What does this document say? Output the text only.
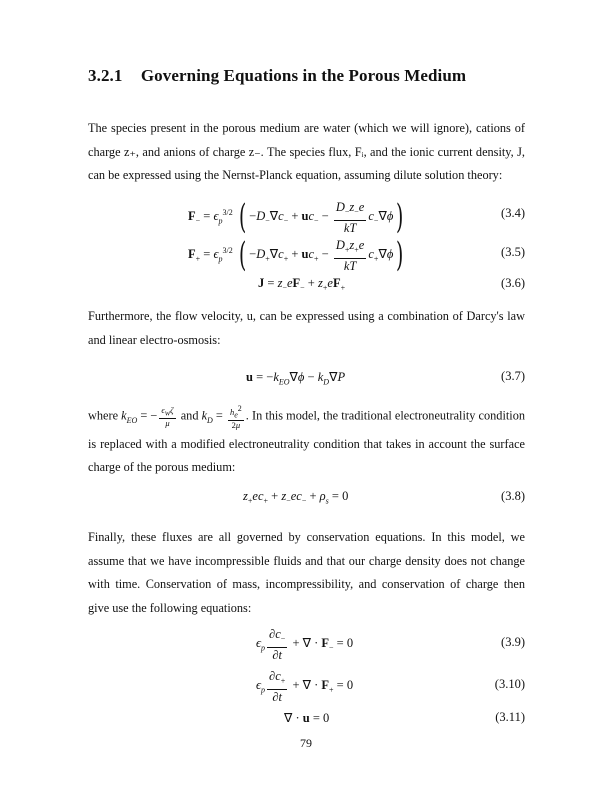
3.2.1 Governing Equations in the Porous Medium
The species present in the porous medium are water (which we will ignore), cations of charge z₊, and anions of charge z₋. The species flux, Fᵢ, and the ionic current density, J, can be expressed using the Nernst-Planck equation, assuming dilute solution theory:
$F_- = \epsilon_p^{3/2}$ ( $-D_-\nabla c_- + uc_- - \frac{D_-z_-e}{kT} c_-\nabla\phi$)	(3.4)
$F_+ = \epsilon_p^{3/2}$ ( $-D_+\nabla c_+ + uc_+ - \frac{D_+z_+e}{kT} c_+\nabla\phi$)	(3.5)
$J = z_-eF_- + z_+eF_+$	(3.6)
Furthermore, the flow velocity, u, can be expressed using a combination of Darcy's law and linear electro-osmosis:
$u = -k_{EO}\nabla\phi - k_D\nabla P$	(3.7)
where $k_{EO}$ = − $\frac{\epsilon_w\zeta}{\mu}$ and $k_D = \frac{h_e^2}{2\mu}$ . In this model, the traditional electroneutrality condition is replaced with a modified electroneutrality condition that takes in account the surface charge of the porous medium:
$z_+ec_+ + z_-ec_- + \rho_s = 0$	(3.8)
Finally, these fluxes are all governed by conservation equations. In this model, we assume that we have incompressible fluids and that our charge density does not change with time. Conservation of mass, incompressibility, and conservation of charge then give use the following equations:
$\epsilon_p \frac{\partial c_-}{\partial t}$ + ∇ · $F_- = 0$	(3.9)
$\epsilon_p \frac{\partial c_+}{\partial t}$ + ∇ · $F_+ = 0$	(3.10)
∇ · u = 0	(3.11)
79
